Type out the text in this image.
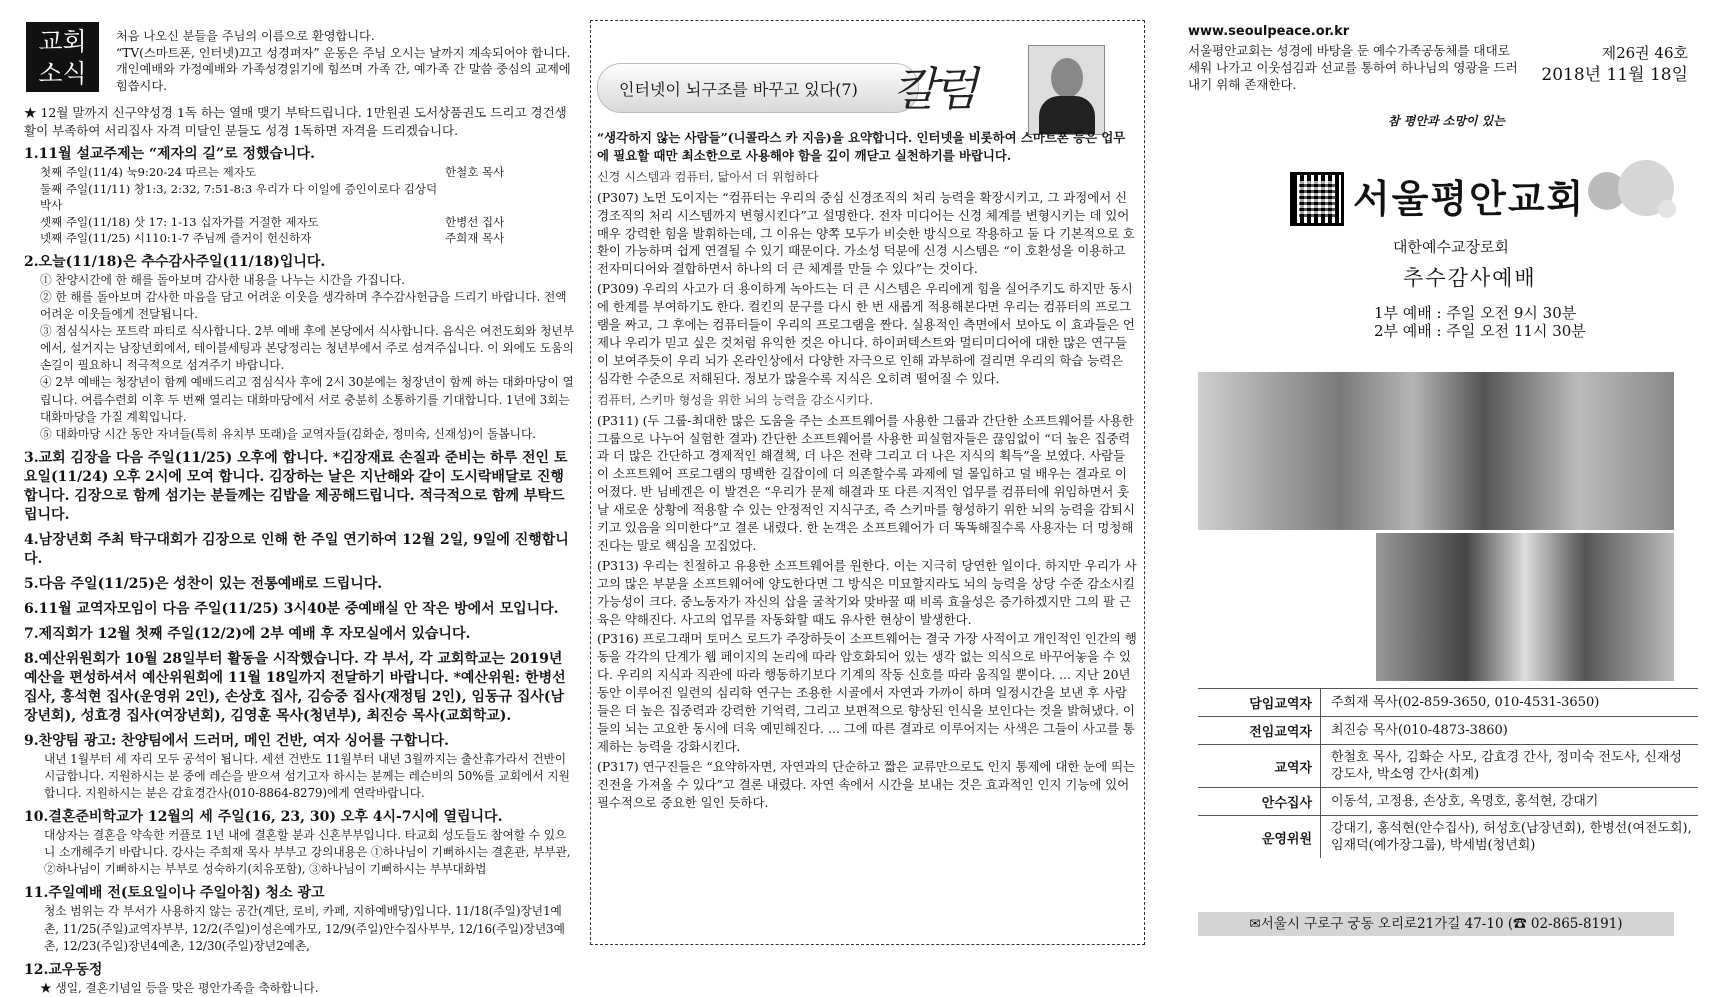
교회
소식
처음 나오신 분들을 주님의 이름으로 환영합니다.
“TV(스마트폰, 인터넷)끄고 성경펴자” 운동은 주님 오시는 날까지 계속되어야 합니다. 개인예배와 가정예배와 가족성경읽기에 힘쓰며 가족 간, 예가족 간 말씀 중심의 교제에 힘씁시다.

★ 12월 말까지 신구약성경 1독 하는 열매 맺기 부탁드립니다. 1만원권 도서상품권도 드리고 경건생활이 부족하여 서리집사 자격 미달인 분들도 성경 1독하면 자격을 드리겠습니다.

1.11월 설교주제는 “제자의 길”로 정했습니다.

첫째 주일(11/4) 눅9:20-24 따르는 제자도	한철호 목사
둘째 주일(11/11) 창1:3, 2:32, 7:51-8:3 우리가 다 이일에 증인이로다 김상덕 박사
셋째 주일(11/18) 삿 17: 1-13 십자가를 거절한 제자도	한병선 집사
넷째 주일(11/25) 시110:1-7 주님께 즐거이 헌신하자	주희재 목사

2.오늘(11/18)은 추수감사주일(11/18)입니다.

① 찬양시간에 한 해를 돌아보며 감사한 내용을 나누는 시간을 가집니다.

② 한 해를 돌아보며 감사한 마음을 담고 어려운 이웃을 생각하며 추수감사헌금을 드리기 바랍니다. 전액 어려운 이웃들에게 전달됩니다.

③ 점심식사는 포트락 파티로 식사합니다. 2부 예배 후에 본당에서 식사합니다. 음식은 여전도회와 청년부에서, 설거지는 남장년회에서, 테이블세팅과 본당정리는 청년부에서 주로 섬겨주십니다. 이 외에도 도움의 손길이 필요하니 적극적으로 섬겨주기 바랍니다.

④ 2부 예배는 청장년이 함께 예배드리고 점심식사 후에 2시 30분에는 청장년이 함께 하는 대화마당이 열립니다. 여름수련회 이후 두 번째 열리는 대화마당에서 서로 충분히 소통하기를 기대합니다. 1년에 3회는 대화마당을 가질 계획입니다.

⑤ 대화마당 시간 동안 자녀들(특히 유치부 또래)을 교역자들(김화순, 정미숙, 신재성)이 돌봅니다.

3.교회 김장을 다음 주일(11/25) 오후에 합니다. *김장재료 손질과 준비는 하루 전인 토요일(11/24) 오후 2시에 모여 합니다. 김장하는 날은 지난해와 같이 도시락배달로 진행합니다. 김장으로 함께 섬기는 분들께는 김밥을 제공해드립니다. 적극적으로 함께 부탁드립니다.

4.남장년회 주최 탁구대회가 김장으로 인해 한 주일 연기하여 12월 2일, 9일에 진행합니다.

5.다음 주일(11/25)은 성찬이 있는 전통예배로 드립니다.

6.11월 교역자모임이 다음 주일(11/25) 3시40분 중예배실 안 작은 방에서 모입니다.

7.제직회가 12월 첫째 주일(12/2)에 2부 예배 후 자모실에서 있습니다.

8.예산위원회가 10월 28일부터 활동을 시작했습니다. 각 부서, 각 교회학교는 2019년 예산을 편성하셔서 예산위원회에 11월 18일까지 전달하기 바랍니다. *예산위원: 한병선 집사, 홍석현 집사(운영위 2인), 손상호 집사, 김승중 집사(재정팀 2인), 임동규 집사(남장년회), 성효경 집사(여장년회), 김영훈 목사(청년부), 최진승 목사(교회학교).

9.찬양팀 광고: 찬양팀에서 드러머, 메인 건반, 여자 싱어를 구합니다.

내년 1월부터 세 자리 모두 공석이 됩니다. 세션 건반도 11월부터 내년 3월까지는 출산휴가라서 건반이 시급합니다. 지원하시는 분 중에 레슨을 받으셔 섬기고자 하시는 분께는 레슨비의 50%를 교회에서 지원합니다. 지원하시는 분은 감효경간사(010-8864-8279)에게 연락바랍니다.

10.결혼준비학교가 12월의 세 주일(16, 23, 30) 오후 4시-7시에 열립니다.

대상자는 결혼을 약속한 커플로 1년 내에 결혼할 분과 신혼부부입니다. 타교회 성도들도 참여할 수 있으니 소개해주기 바랍니다. 강사는 주희재 목사 부부고 강의내용은 ①하나님이 기뻐하시는 결혼관, 부부관, ②하나님이 기뻐하시는 부부로 성숙하기(치유포함), ③하나님이 기뻐하시는 부부대화법

11.주일예배 전(토요일이나 주일아침) 청소 광고

청소 범위는 각 부서가 사용하지 않는 공간(계단, 로비, 카페, 지하예배당)입니다. 11/18(주일)장년1예촌, 11/25(주일)교역자부부, 12/2(주일)이성은예가모, 12/9(주일)안수집사부부, 12/16(주일)장년3예촌, 12/23(주일)장년4예촌, 12/30(주일)장년2예촌,

12.교우동정

★ 생일, 결혼기념일 등을 맞은 평안가족을 축하합니다.

인터넷이 뇌구조를 바꾸고 있다(7) 칼럼

“생각하지 않는 사람들”(니콜라스 카 지음)을 요약합니다. 인터넷을 비롯하여 스마트폰 등은 업무에 필요할 때만 최소한으로 사용해야 함을 깊이 깨닫고 실천하기를 바랍니다.

신경 시스템과 컴퓨터, 닮아서 더 위험하다

(P307) 노먼 도이지는 “컴퓨터는 우리의 중심 신경조직의 처리 능력을 확장시키고, 그 과정에서 신경조직의 처리 시스템까지 변형시킨다”고 설명한다. 전자 미디어는 신경 체계를 변형시키는 데 있어 매우 강력한 힘을 발휘하는데, 그 이유는 양쪽 모두가 비슷한 방식으로 작용하고 둘 다 기본적으로 호환이 가능하며 쉽게 연결될 수 있기 때문이다. 가소성 덕분에 신경 시스템은 “이 호환성을 이용하고 전자미디어와 결합하면서 하나의 더 큰 체계를 만들 수 있다”는 것이다.

(P309) 우리의 사고가 더 용이하게 녹아드는 더 큰 시스템은 우리에게 힘을 실어주기도 하지만 동시에 한계를 부여하기도 한다. 컬킨의 문구를 다시 한 번 새롭게 적용해본다면 우리는 컴퓨터의 프로그램을 짜고, 그 후에는 컴퓨터들이 우리의 프로그램을 짠다. 실용적인 측면에서 보아도 이 효과들은 언제나 우리가 믿고 싶은 것처럼 유익한 것은 아니다. 하이퍼텍스트와 멀티미디어에 대한 많은 연구들이 보여주듯이 우리 뇌가 온라인상에서 다양한 자극으로 인해 과부하에 걸리면 우리의 학습 능력은 심각한 수준으로 저해된다. 정보가 많을수록 지식은 오히려 떨어질 수 있다.

컴퓨터, 스키마 형성을 위한 뇌의 능력을 감소시키다.

(P311) (두 그룹-최대한 많은 도움을 주는 소프트웨어를 사용한 그룹과 간단한 소프트웨어를 사용한 그룹으로 나누어 실험한 결과) 간단한 소프트웨어를 사용한 피실험자들은 끊임없이 “더 높은 집중력과 더 많은 간단하고 경제적인 해결책, 더 나은 전략 그리고 더 나은 지식의 획득”을 보였다. 사람들이 소프트웨어 프로그램의 명백한 길잡이에 더 의존할수록 과제에 덜 몰입하고 덜 배우는 결과로 이어졌다. 반 님베겐은 이 발견은 “우리가 문제 해결과 또 다른 지적인 업무를 컴퓨터에 위임하면서 훗날 새로운 상황에 적용할 수 있는 안정적인 지식구조, 즉 스키마를 형성하기 위한 뇌의 능력을 감퇴시키고 있음을 의미한다”고 결론 내렸다. 한 논객은 소프트웨어가 더 똑똑해질수록 사용자는 더 멍청해진다는 말로 핵심을 꼬집었다.

(P313) 우리는 친절하고 유용한 소프트웨어를 원한다. 이는 지극히 당연한 일이다. 하지만 우리가 사고의 많은 부분을 소프트웨어에 양도한다면 그 방식은 미묘할지라도 뇌의 능력을 상당 수준 감소시킬 가능성이 크다. 중노동자가 자신의 삽을 굴착기와 맞바꿀 때 비록 효율성은 증가하겠지만 그의 팔 근육은 약해진다. 사고의 업무를 자동화할 때도 유사한 현상이 발생한다.

(P316) 프로그래머 토머스 로드가 주장하듯이 소프트웨어는 결국 가장 사적이고 개인적인 인간의 행동을 각각의 단계가 웹 페이지의 논리에 따라 암호화되어 있는 생각 없는 의식으로 바꾸어놓을 수 있다. 우리의 지식과 직관에 따라 행동하기보다 기계의 작동 신호를 따라 움직일 뿐이다. ... 지난 20년 동안 이루어진 일련의 심리학 연구는 조용한 시골에서 자연과 가까이 하며 일정시간을 보낸 후 사람들은 더 높은 집중력과 강력한 기억력, 그리고 보편적으로 향상된 인식을 보인다는 것을 밝혀냈다. 이들의 뇌는 고요한 동시에 더욱 예민해진다. ... 그에 따른 결과로 이루어지는 사색은 그들이 사고를 통제하는 능력을 강화시킨다.

(P317) 연구진들은 “요약하자면, 자연과의 단순하고 짧은 교류만으로도 인지 통제에 대한 눈에 띄는 진전을 가져올 수 있다”고 결론 내렸다. 자연 속에서 시간을 보내는 것은 효과적인 인지 기능에 있어 필수적으로 중요한 일인 듯하다.

www.seoulpeace.or.kr
서울평안교회는 성경에 바탕을 둔 예수가족공동체를 대대로 세워 나가고 이웃섬김과 선교를 통하여 하나님의 영광을 드러내기 위해 존재한다.
제26권 46호
2018년 11월 18일
참 평안과 소망이 있는
서울평안교회
대한예수교장로회
추수감사예배
1부 예배 : 주일 오전 9시 30분
2부 예배 : 주일 오전 11시 30분
담임교역자	주희재 목사(02-859-3650, 010-4531-3650)
전임교역자	최진승 목사(010-4873-3860)
교역자	한철호 목사, 김화순 사모, 감효경 간사, 정미숙 전도사, 신재성 강도사, 박소영 간사(회계)
안수집사	이동석, 고정용, 손상호, 옥명호, 홍석현, 강대기
운영위원	강대기, 홍석현(안수집사), 허성호(남장년회), 한병선(여전도회), 임재덕(예가장그룹), 박세범(청년회)
✉서울시 구로구 궁동 오리로21가길 47-10 (☎ 02-865-8191)
